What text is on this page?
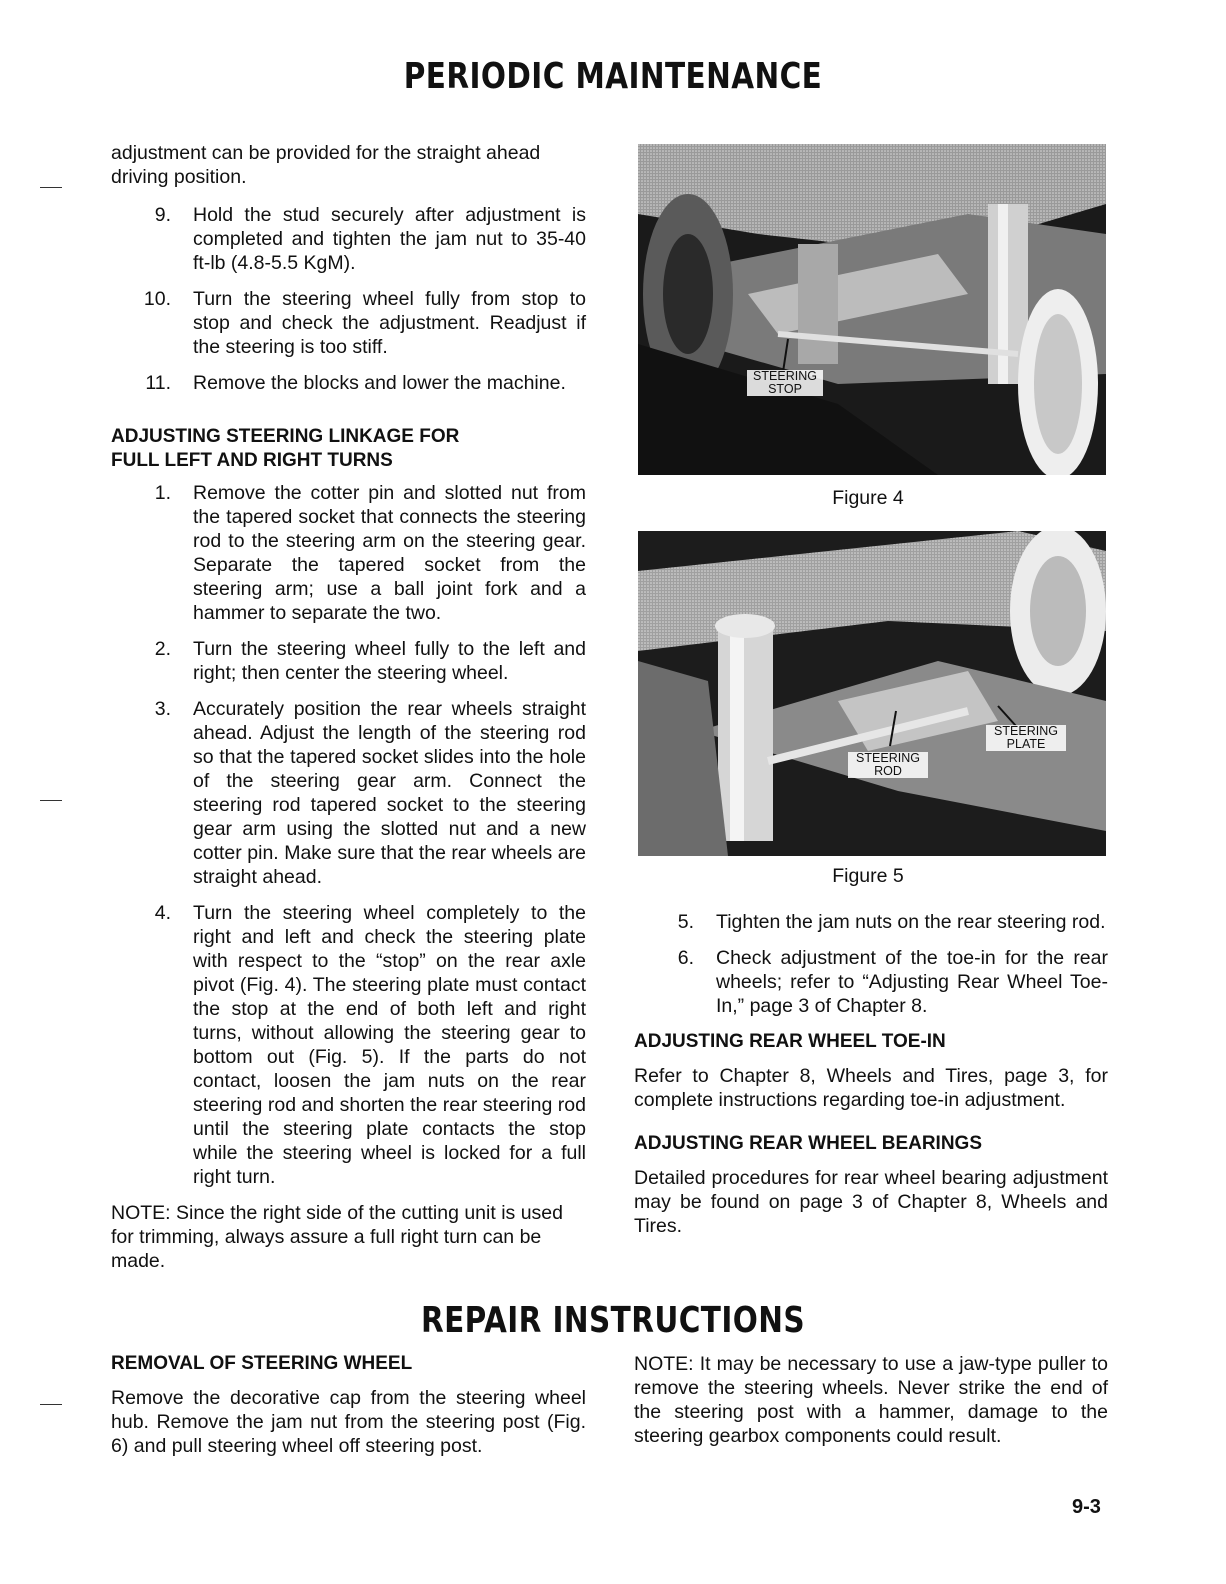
PERIODIC MAINTENANCE
adjustment can be provided for the straight ahead driving position.
9.	Hold the stud securely after adjustment is completed and tighten the jam nut to 35-40 ft-lb (4.8-5.5 KgM).
10.	Turn the steering wheel fully from stop to stop and check the adjustment. Readjust if the steering is too stiff.
11.	Remove the blocks and lower the machine.
ADJUSTING STEERING LINKAGE FOR FULL LEFT AND RIGHT TURNS
1.	Remove the cotter pin and slotted nut from the tapered socket that connects the steering rod to the steering arm on the steering gear. Separate the tapered socket from the steering arm; use a ball joint fork and a hammer to separate the two.
2.	Turn the steering wheel fully to the left and right; then center the steering wheel.
3.	Accurately position the rear wheels straight ahead. Adjust the length of the steering rod so that the tapered socket slides into the hole of the steering gear arm. Connect the steering rod tapered socket to the steering gear arm using the slotted nut and a new cotter pin. Make sure that the rear wheels are straight ahead.
4.	Turn the steering wheel completely to the right and left and check the steering plate with respect to the “stop” on the rear axle pivot (Fig. 4). The steering plate must contact the stop at the end of both left and right turns, without allowing the steering gear to bottom out (Fig. 5). If the parts do not contact, loosen the jam nuts on the rear steering rod and shorten the rear steering rod until the steering plate contacts the stop while the steering wheel is locked for a full right turn.
NOTE: Since the right side of the cutting unit is used for trimming, always assure a full right turn can be made.
STEERING
STOP
Figure 4
STEERING
ROD
STEERING
PLATE
Figure 5
5.	Tighten the jam nuts on the rear steering rod.
6.	Check adjustment of the toe-in for the rear wheels; refer to “Adjusting Rear Wheel Toe-In,” page 3 of Chapter 8.
ADJUSTING REAR WHEEL TOE-IN
Refer to Chapter 8, Wheels and Tires, page 3, for complete instructions regarding toe-in adjustment.
ADJUSTING REAR WHEEL BEARINGS
Detailed procedures for rear wheel bearing adjustment may be found on page 3 of Chapter 8, Wheels and Tires.
REPAIR INSTRUCTIONS
REMOVAL OF STEERING WHEEL
Remove the decorative cap from the steering wheel hub. Remove the jam nut from the steering post (Fig. 6) and pull steering wheel off steering post.
NOTE: It may be necessary to use a jaw-type puller to remove the steering wheels. Never strike the end of the steering post with a hammer, damage to the steering gearbox components could result.
9-3
